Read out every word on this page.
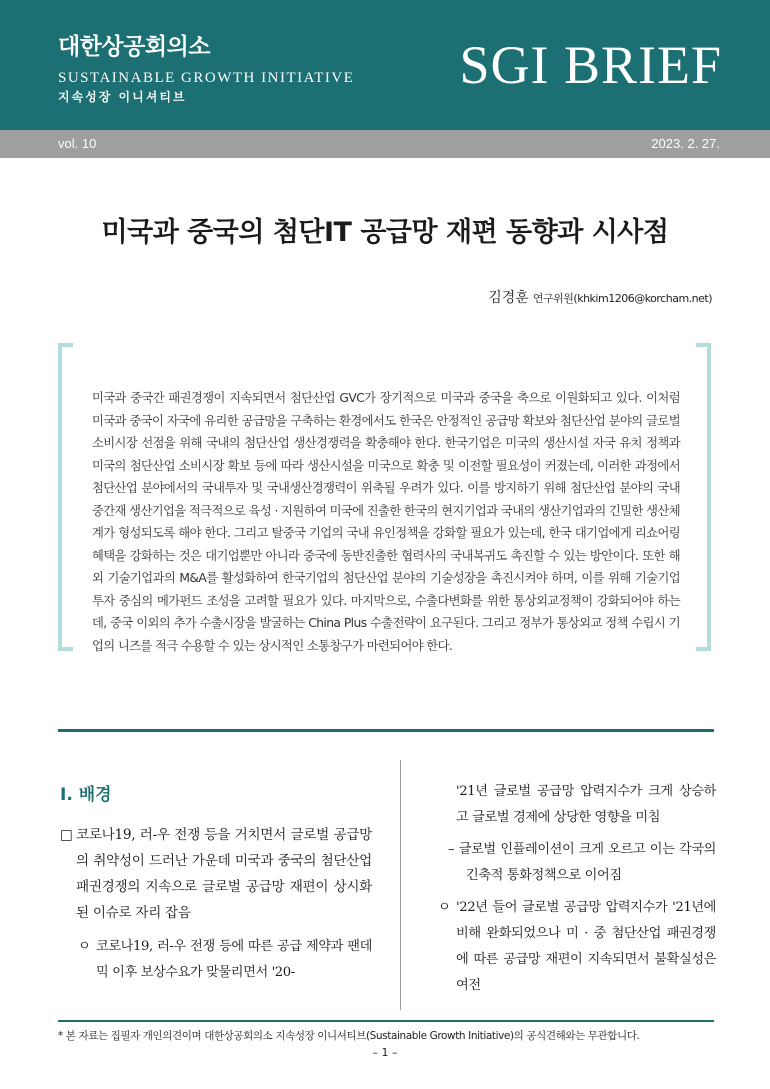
대한상공회의소
SUSTAINABLE GROWTH INITIATIVE
지속성장 이니셔티브
SGI BRIEF
vol. 10	2023. 2. 27.
미국과 중국의 첨단IT 공급망 재편 동향과 시사점
김경훈 연구위원(khkim1206@korcham.net)
미국과 중국간 패권경쟁이 지속되면서 첨단산업 GVC가 장기적으로 미국과 중국을 축으로 이원화되고 있다. 이처럼 미국과 중국이 자국에 유리한 공급망을 구축하는 환경에서도 한국은 안정적인 공급망 확보와 첨단산업 분야의 글로벌 소비시장 선점을 위해 국내의 첨단산업 생산경쟁력을 확충해야 한다. 한국기업은 미국의 생산시설 자국 유치 정책과 미국의 첨단산업 소비시장 확보 등에 따라 생산시설을 미국으로 확충 및 이전할 필요성이 커졌는데, 이러한 과정에서 첨단산업 분야에서의 국내투자 및 국내생산경쟁력이 위축될 우려가 있다. 이를 방지하기 위해 첨단산업 분야의 국내 중간재 생산기업을 적극적으로 육성 · 지원하여 미국에 진출한 한국의 현지기업과 국내의 생산기업과의 긴밀한 생산체계가 형성되도록 해야 한다. 그리고 탈중국 기업의 국내 유인정책을 강화할 필요가 있는데, 한국 대기업에게 리쇼어링 혜택을 강화하는 것은 대기업뿐만 아니라 중국에 동반진출한 협력사의 국내복귀도 촉진할 수 있는 방안이다. 또한 해외 기술기업과의 M&A를 활성화하여 한국기업의 첨단산업 분야의 기술성장을 촉진시켜야 하며, 이를 위해 기술기업 투자 중심의 메가펀드 조성을 고려할 필요가 있다. 마지막으로, 수출다변화를 위한 통상외교정책이 강화되어야 하는데, 중국 이외의 추가 수출시장을 발굴하는 China Plus 수출전략이 요구된다. 그리고 정부가 통상외교 정책 수립시 기업의 니즈를 적극 수용할 수 있는 상시적인 소통창구가 마련되어야 한다.
Ⅰ. 배경

□ 코로나19, 러-우 전쟁 등을 거치면서 글로벌 공급망의 취약성이 드러난 가운데 미국과 중국의 첨단산업 패권경쟁의 지속으로 글로벌 공급망 재편이 상시화된 이슈로 자리 잡음

ㅇ 코로나19, 러-우 전쟁 등에 따른 공급 제약과 팬데믹 이후 보상수요가 맞물리면서 '20-

'21년 글로벌 공급망 압력지수가 크게 상승하고 글로벌 경제에 상당한 영향을 미침

– 글로벌 인플레이션이 크게 오르고 이는 각국의 긴축적 통화정책으로 이어짐

ㅇ '22년 들어 글로벌 공급망 압력지수가 '21년에 비해 완화되었으나 미 · 중 첨단산업 패권경쟁에 따른 공급망 재편이 지속되면서 불확실성은 여전

* 본 자료는 집필자 개인의견이며 대한상공회의소 지속성장 이니셔티브(Sustainable Growth Initiative)의 공식견해와는 무관합니다.
– 1 –
